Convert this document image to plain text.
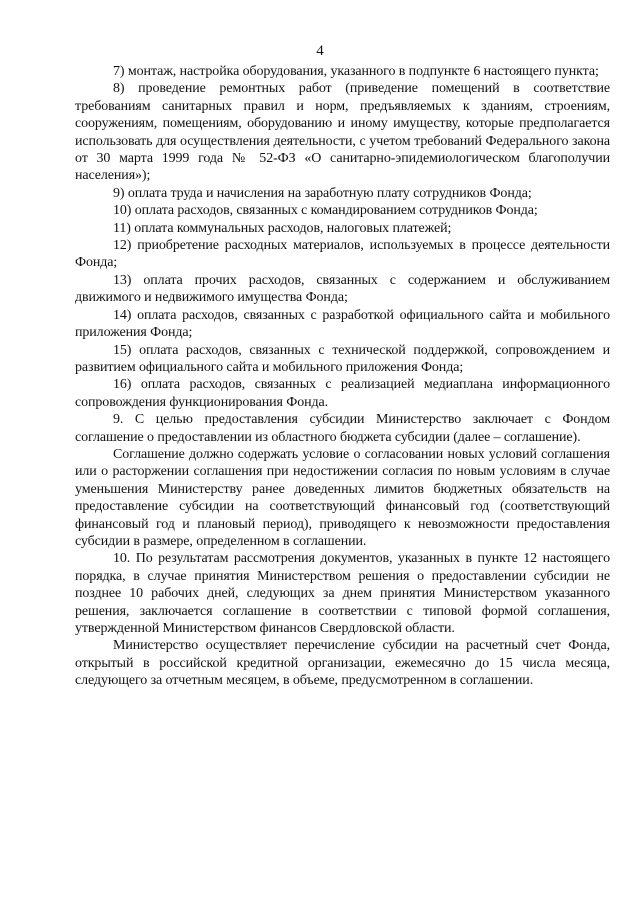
4

7) монтаж, настройка оборудования, указанного в подпункте 6 настоящего пункта;

8) проведение ремонтных работ (приведение помещений в соответствие требованиям санитарных правил и норм, предъявляемых к зданиям, строениям, сооружениям, помещениям, оборудованию и иному имуществу, которые предполагается использовать для осуществления деятельности, с учетом требований Федерального закона от 30 марта 1999 года № 52-ФЗ «О санитарно-эпидемиологическом благополучии населения»);

9) оплата труда и начисления на заработную плату сотрудников Фонда;

10) оплата расходов, связанных с командированием сотрудников Фонда;

11) оплата коммунальных расходов, налоговых платежей;

12) приобретение расходных материалов, используемых в процессе деятельности Фонда;

13) оплата прочих расходов, связанных с содержанием и обслуживанием движимого и недвижимого имущества Фонда;

14) оплата расходов, связанных с разработкой официального сайта и мобильного приложения Фонда;

15) оплата расходов, связанных с технической поддержкой, сопровождением и развитием официального сайта и мобильного приложения Фонда;

16) оплата расходов, связанных с реализацией медиаплана информационного сопровождения функционирования Фонда.

9. С целью предоставления субсидии Министерство заключает с Фондом соглашение о предоставлении из областного бюджета субсидии (далее – соглашение).

Соглашение должно содержать условие о согласовании новых условий соглашения или о расторжении соглашения при недостижении согласия по новым условиям в случае уменьшения Министерству ранее доведенных лимитов бюджетных обязательств на предоставление субсидии на соответствующий финансовый год (соответствующий финансовый год и плановый период), приводящего к невозможности предоставления субсидии в размере, определенном в соглашении.

10. По результатам рассмотрения документов, указанных в пункте 12 настоящего порядка, в случае принятия Министерством решения о предоставлении субсидии не позднее 10 рабочих дней, следующих за днем принятия Министерством указанного решения, заключается соглашение в соответствии с типовой формой соглашения, утвержденной Министерством финансов Свердловской области.

Министерство осуществляет перечисление субсидии на расчетный счет Фонда, открытый в российской кредитной организации, ежемесячно до 15 числа месяца, следующего за отчетным месяцем, в объеме, предусмотренном в соглашении.
